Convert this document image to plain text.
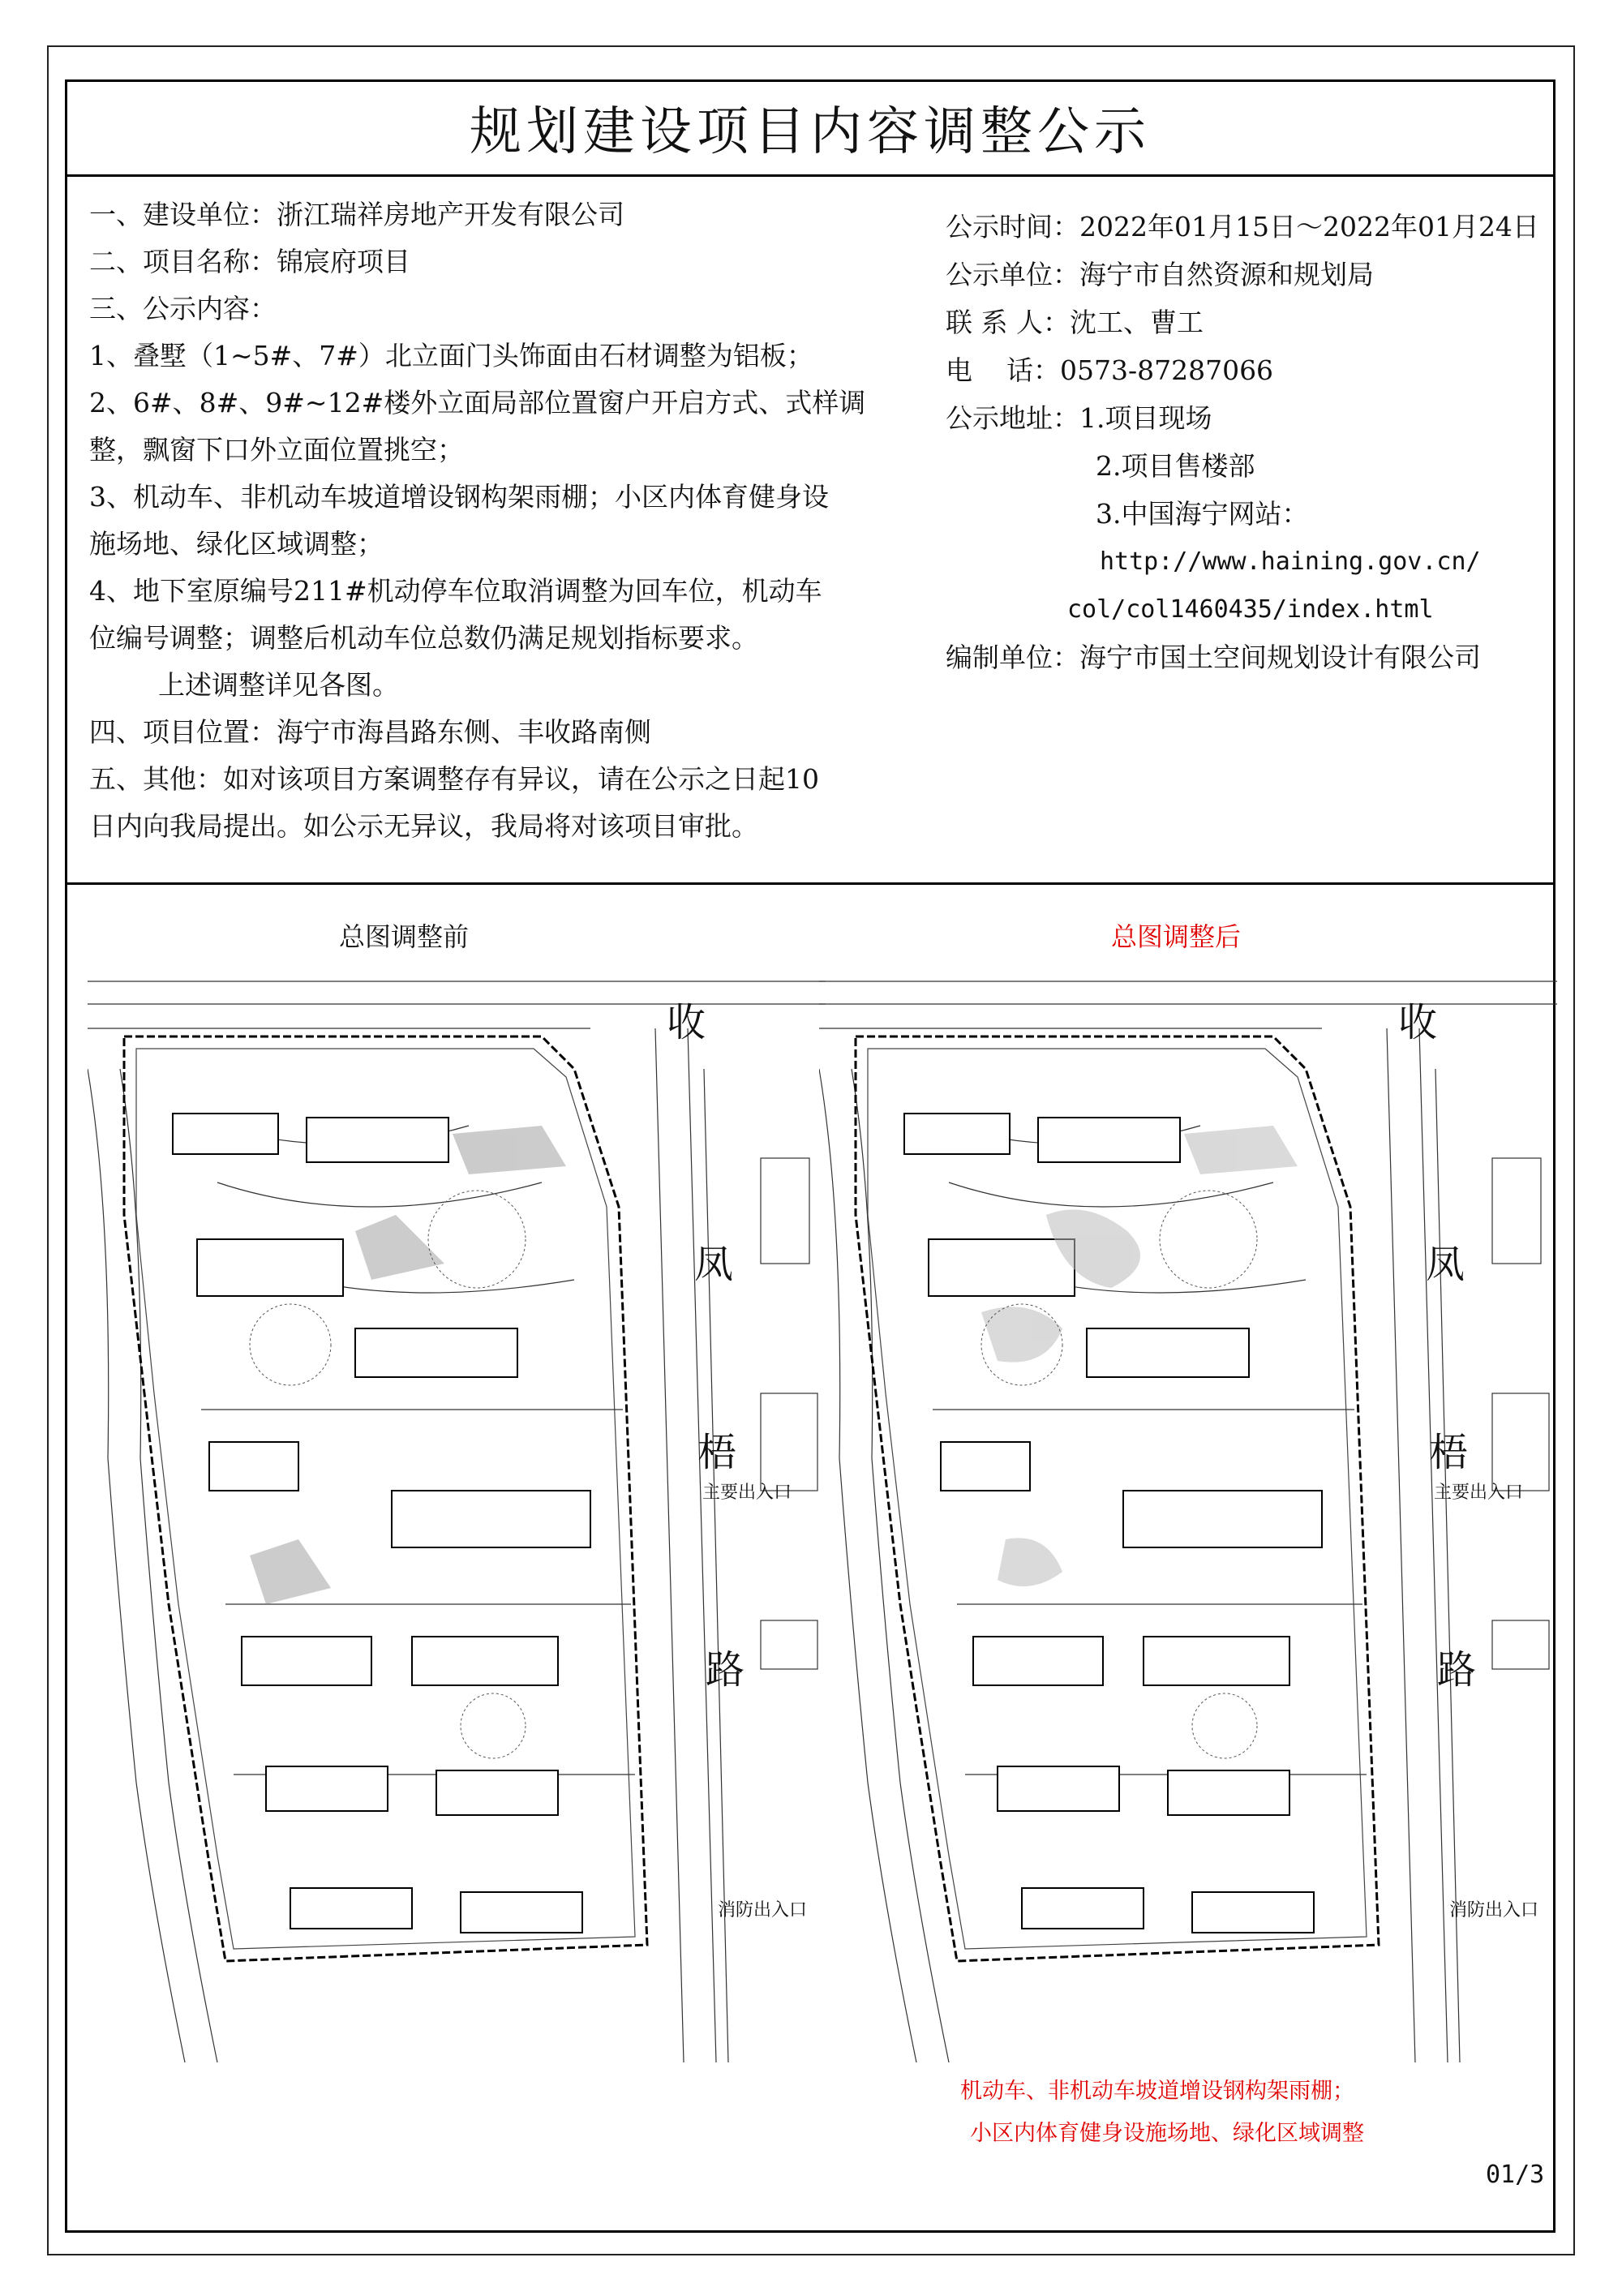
规划建设项目内容调整公示
一、建设单位：浙江瑞祥房地产开发有限公司
二、项目名称：锦宸府项目
三、公示内容：
1、叠墅（1~5#、7#）北立面门头饰面由石材调整为铝板；
2、6#、8#、9#~12#楼外立面局部位置窗户开启方式、式样调
整，飘窗下口外立面位置挑空；
3、机动车、非机动车坡道增设钢构架雨棚；小区内体育健身设
施场地、绿化区域调整；
4、地下室原编号211#机动停车位取消调整为回车位，机动车
位编号调整；调整后机动车位总数仍满足规划指标要求。
上述调整详见各图。
四、项目位置：海宁市海昌路东侧、丰收路南侧
五、其他：如对该项目方案调整存有异议，请在公示之日起10
日内向我局提出。如公示无异议，我局将对该项目审批。
公示时间：2022年01月15日～2022年01月24日
公示单位：海宁市自然资源和规划局
联 系 人：沈工、曹工
电    话：0573-87287066
公示地址：1.项目现场
2.项目售楼部
3.中国海宁网站：
http://www.haining.gov.cn/
col/col1460435/index.html
编制单位：海宁市国土空间规划设计有限公司
总图调整前	总图调整后
收
凤
梧
路
主要出入口
消防出入口
收
凤
梧
路
主要出入口
消防出入口
机动车、非机动车坡道增设钢构架雨棚；
小区内体育健身设施场地、绿化区域调整
01/3
